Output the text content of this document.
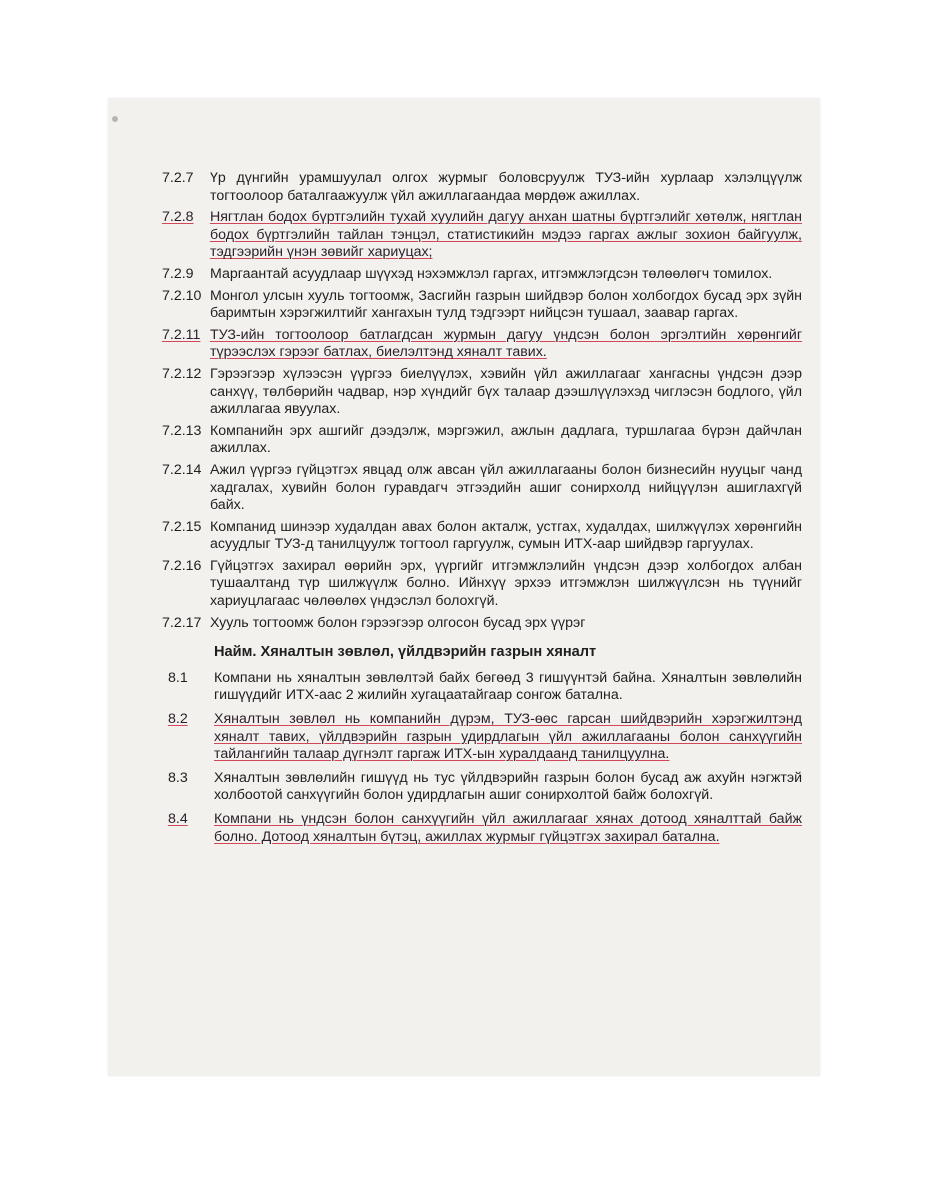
7.2.7	Үр дүнгийн урамшуулал олгох журмыг боловсруулж ТУЗ-ийн хурлаар хэлэлцүүлж тогтоолоор баталгаажуулж үйл ажиллагаандаа мөрдөж ажиллах.
7.2.8	Нягтлан бодох бүртгэлийн тухай хуулийн дагуу анхан шатны бүртгэлийг хөтөлж, нягтлан бодох бүртгэлийн тайлан тэнцэл, статистикийн мэдээ гаргах ажлыг зохион байгуулж, тэдгээрийн үнэн зөвийг хариуцах;
7.2.9	Маргаантай асуудлаар шүүхэд нэхэмжлэл гаргах, итгэмжлэгдсэн төлөөлөгч томилох.
7.2.10 Монгол улсын хууль тогтоомж, Засгийн газрын шийдвэр болон холбогдох бусад эрх зүйн баримтын хэрэгжилтийг хангахын тулд тэдгээрт нийцсэн тушаал, заавар гаргах.
7.2.11 ТУЗ-ийн тогтоолоор батлагдсан журмын дагуу үндсэн болон эргэлтийн хөрөнгийг түрээслэх гэрээг батлах, биелэлтэнд хяналт тавих.
7.2.12 Гэрээгээр хүлээсэн үүргээ биелүүлэх, хэвийн үйл ажиллагааг хангасны үндсэн дээр санхүү, төлбөрийн чадвар, нэр хүндийг бүх талаар дээшлүүлэхэд чиглэсэн бодлого, үйл ажиллагаа явуулах.
7.2.13 Компанийн эрх ашгийг дээдэлж, мэргэжил, ажлын дадлага, туршлагаа бүрэн дайчлан ажиллах.
7.2.14 Ажил үүргээ гүйцэтгэх явцад олж авсан үйл ажиллагааны болон бизнесийн нууцыг чанд хадгалах, хувийн болон гуравдагч этгээдийн ашиг сонирхолд нийцүүлэн ашиглахгүй байх.
7.2.15 Компанид шинээр худалдан авах болон акталж, устгах, худалдах, шилжүүлэх хөрөнгийн асуудлыг ТУЗ-д танилцуулж тогтоол гаргуулж, сумын ИТХ-аар шийдвэр гаргуулах.
7.2.16 Гүйцэтгэх захирал өөрийн эрх, үүргийг итгэмжлэлийн үндсэн дээр холбогдох албан тушаалтанд түр шилжүүлж болно. Ийнхүү эрхээ итгэмжлэн шилжүүлсэн нь түүнийг хариуцлагаас чөлөөлөх үндэслэл болохгүй.
7.2.17 Хууль тогтоомж болон гэрээгээр олгосон бусад эрх үүрэг
Найм. Хяналтын зөвлөл, үйлдвэрийн газрын хяналт
8.1	Компани нь хяналтын зөвлөлтэй байх бөгөөд 3 гишүүнтэй байна. Хяналтын зөвлөлийн гишүүдийг ИТХ-аас 2 жилийн хугацаатайгаар сонгож батална.
8.2	Хяналтын зөвлөл нь компанийн дүрэм, ТУЗ-өөс гарсан шийдвэрийн хэрэгжилтэнд хяналт тавих, үйлдвэрийн газрын удирдлагын үйл ажиллагааны болон санхүүгийн тайлангийн талаар дүгнэлт гаргаж ИТХ-ын хуралдаанд танилцуулна.
8.3	Хяналтын зөвлөлийн гишүүд нь тус үйлдвэрийн газрын болон бусад аж ахуйн нэгжтэй холбоотой санхүүгийн болон удирдлагын ашиг сонирхолтой байж болохгүй.
8.4	Компани нь үндсэн болон санхүүгийн үйл ажиллагааг хянах дотоод хяналттай байж болно. Дотоод хяналтын бүтэц, ажиллах журмыг гүйцэтгэх захирал батална.
